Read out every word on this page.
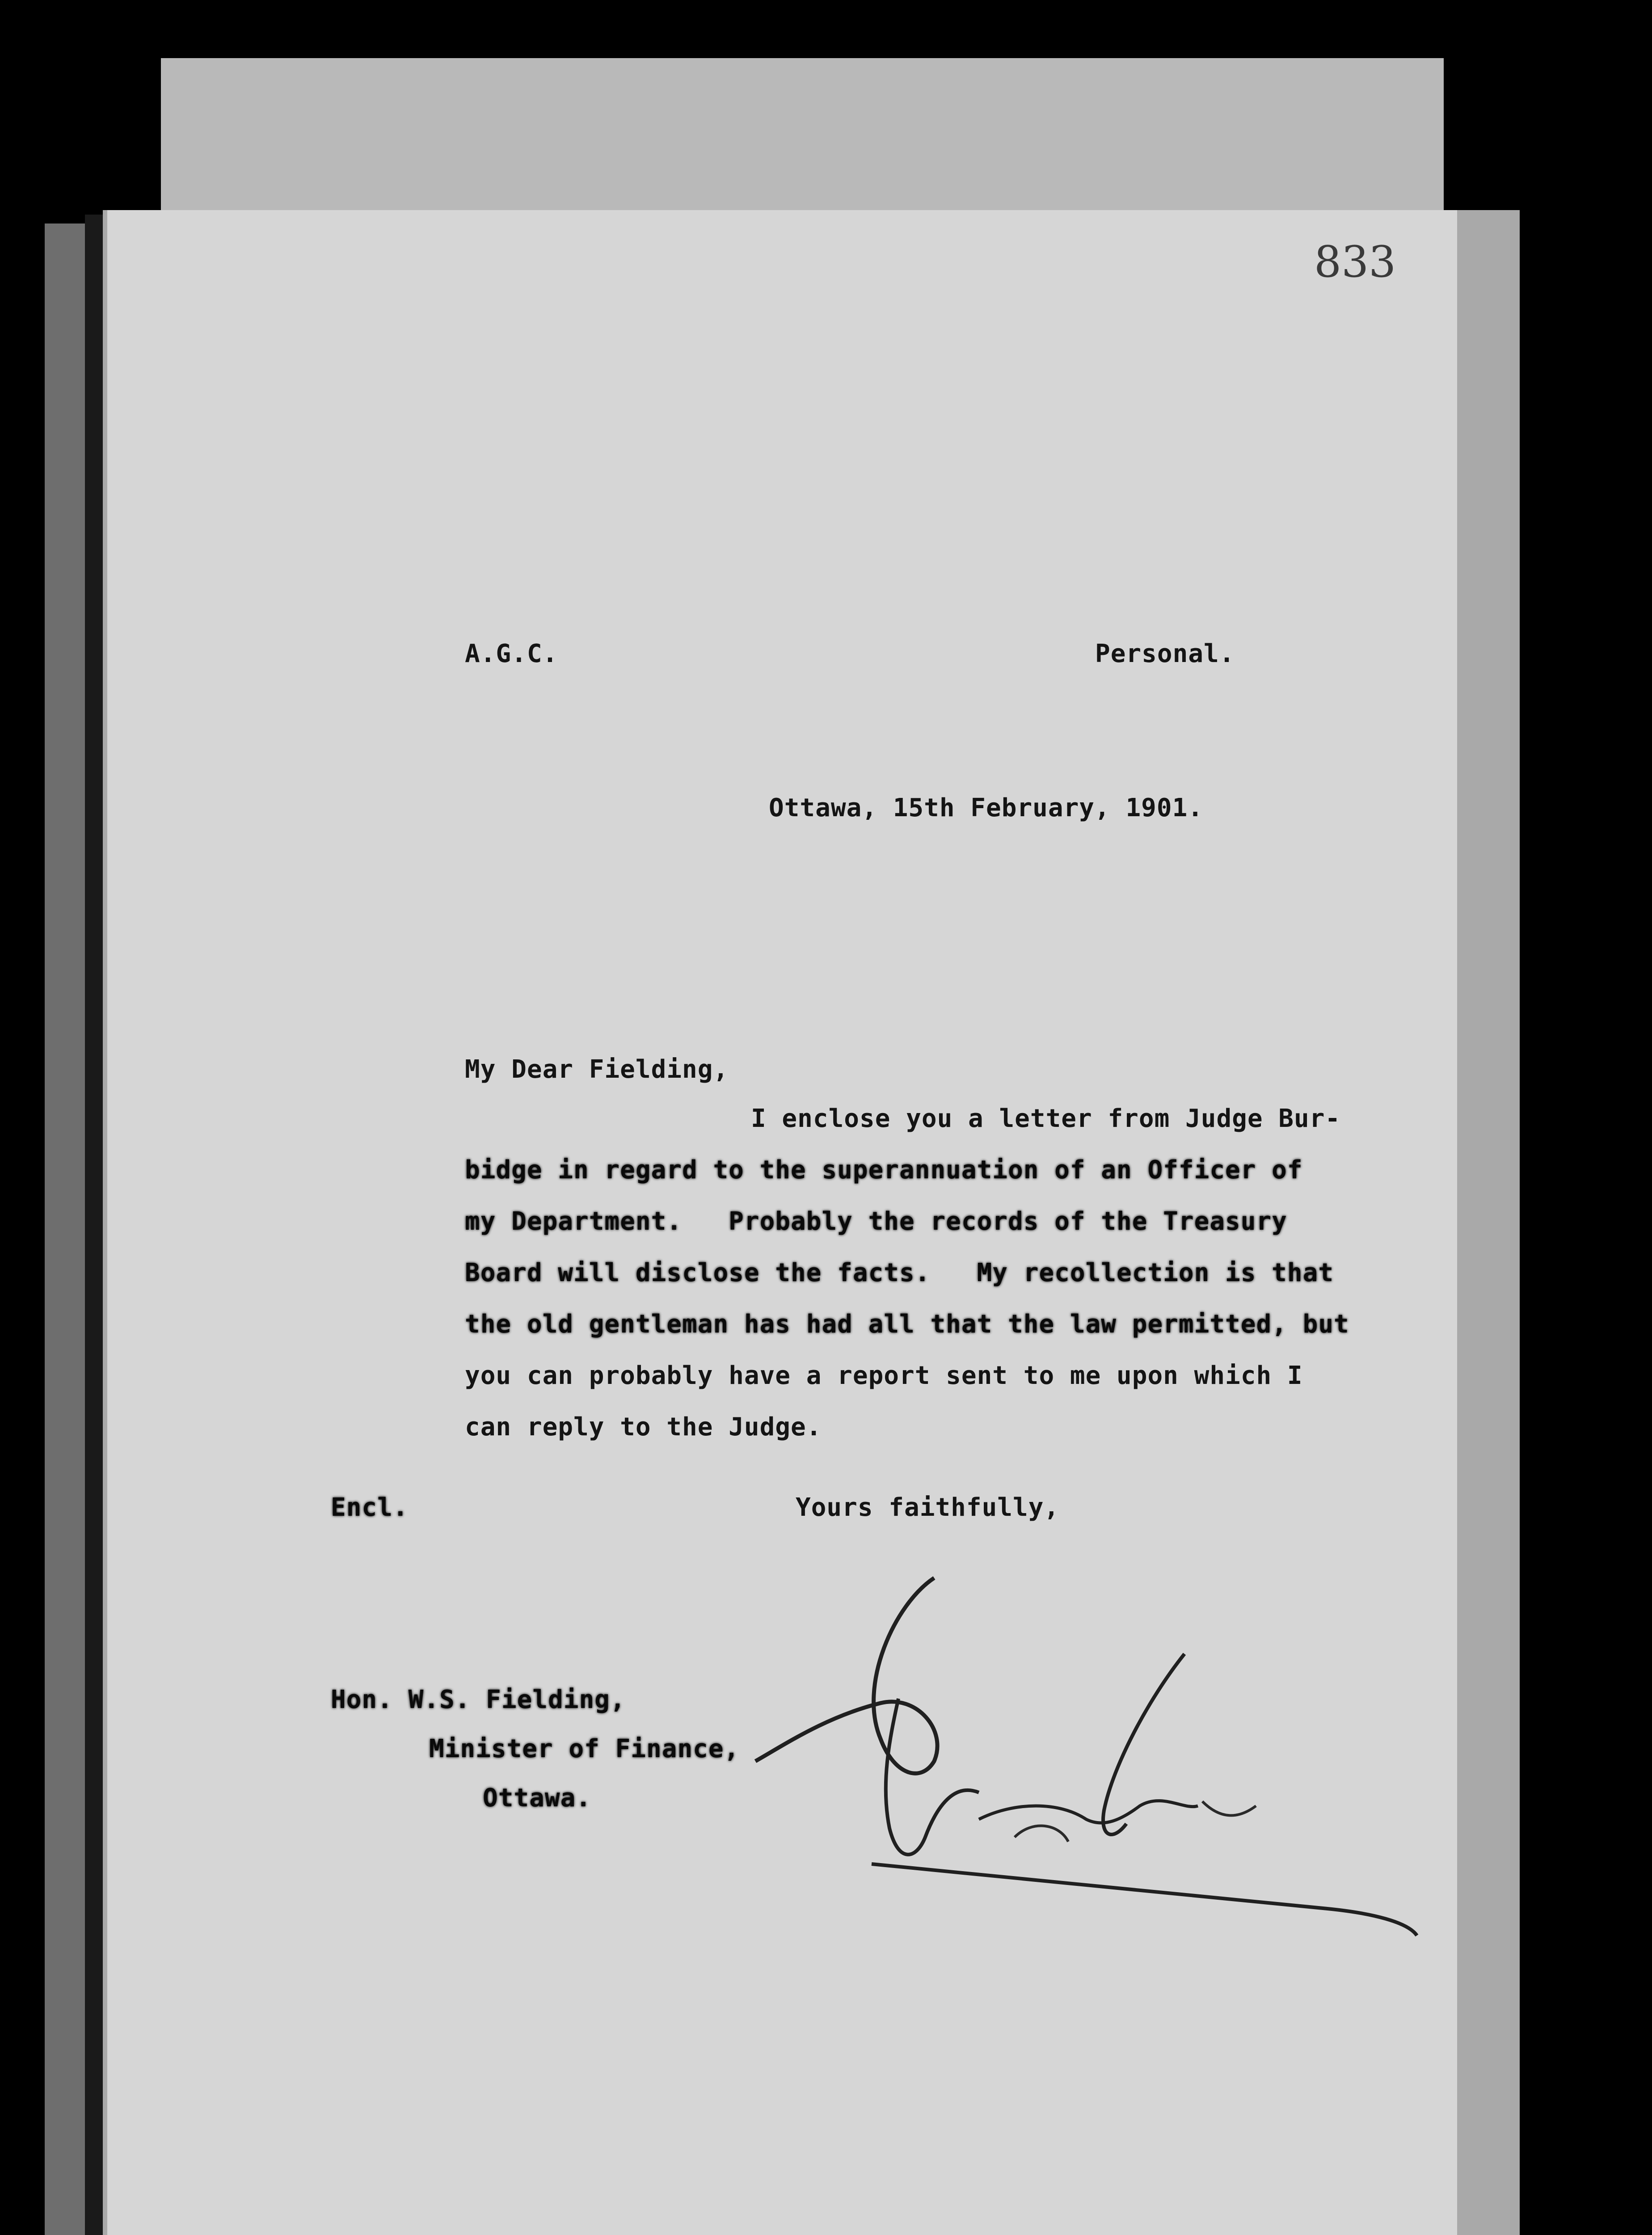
833
A.G.C.	Personal.
Ottawa, 15th February, 1901.
My Dear Fielding,
I enclose you a letter from Judge Bur-
bidge in regard to the superannuation of an Officer of
my Department.   Probably the records of the Treasury
Board will disclose the facts.   My recollection is that
the old gentleman has had all that the law permitted, but
you can probably have a report sent to me upon which I
can reply to the Judge.
Encl.	Yours faithfully,
Hon. W.S. Fielding,
Minister of Finance,
Ottawa.
